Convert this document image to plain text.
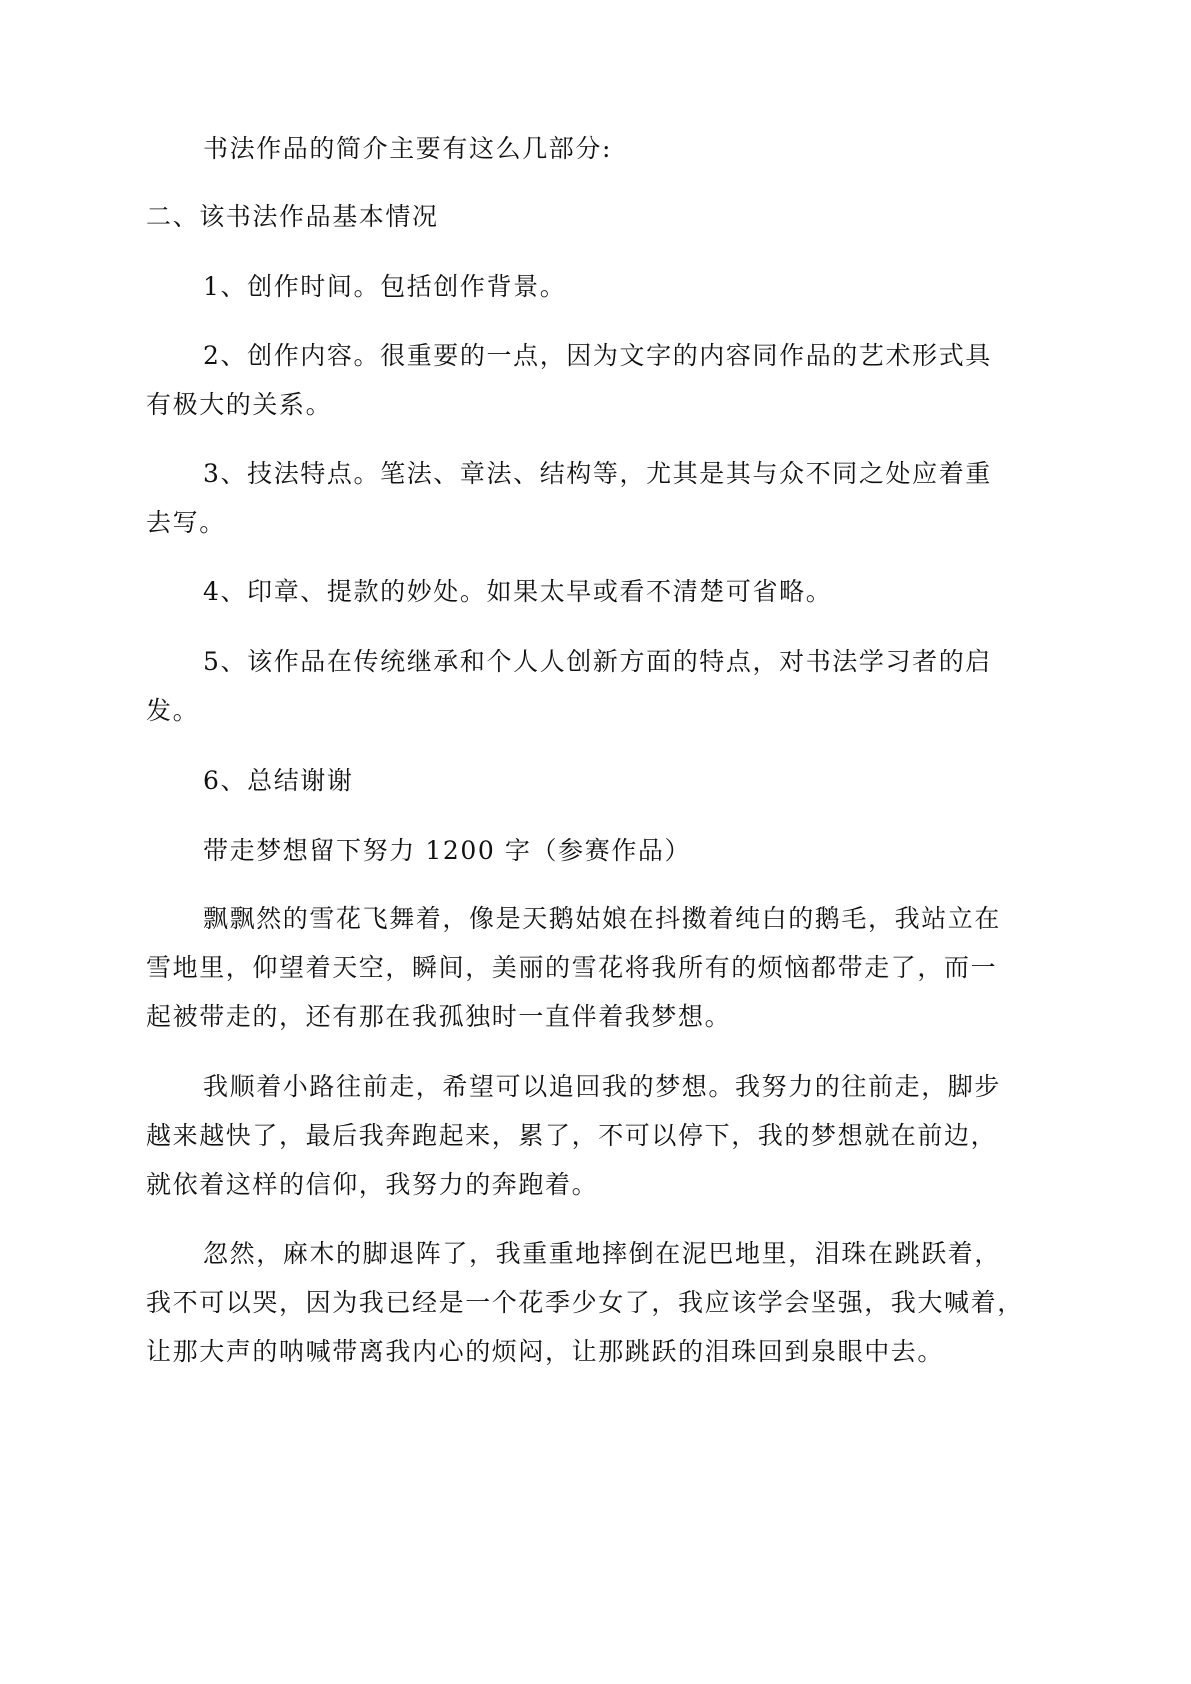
书法作品的简介主要有这么几部分:

二、该书法作品基本情况

1、创作时间。包括创作背景。

2、创作内容。很重要的一点，因为文字的内容同作品的艺术形式具
有极大的关系。

3、技法特点。笔法、章法、结构等，尤其是其与众不同之处应着重
去写。

4、印章、提款的妙处。如果太早或看不清楚可省略。

5、该作品在传统继承和个人人创新方面的特点，对书法学习者的启
发。

6、总结谢谢

带走梦想留下努力 1200 字（参赛作品）

飘飘然的雪花飞舞着，像是天鹅姑娘在抖擞着纯白的鹅毛，我站立在
雪地里，仰望着天空，瞬间，美丽的雪花将我所有的烦恼都带走了，而一
起被带走的，还有那在我孤独时一直伴着我梦想。

我顺着小路往前走，希望可以追回我的梦想。我努力的往前走，脚步
越来越快了，最后我奔跑起来，累了，不可以停下，我的梦想就在前边，
就依着这样的信仰，我努力的奔跑着。

忽然，麻木的脚退阵了，我重重地摔倒在泥巴地里，泪珠在跳跃着，
我不可以哭，因为我已经是一个花季少女了，我应该学会坚强，我大喊着，
让那大声的呐喊带离我内心的烦闷，让那跳跃的泪珠回到泉眼中去。
